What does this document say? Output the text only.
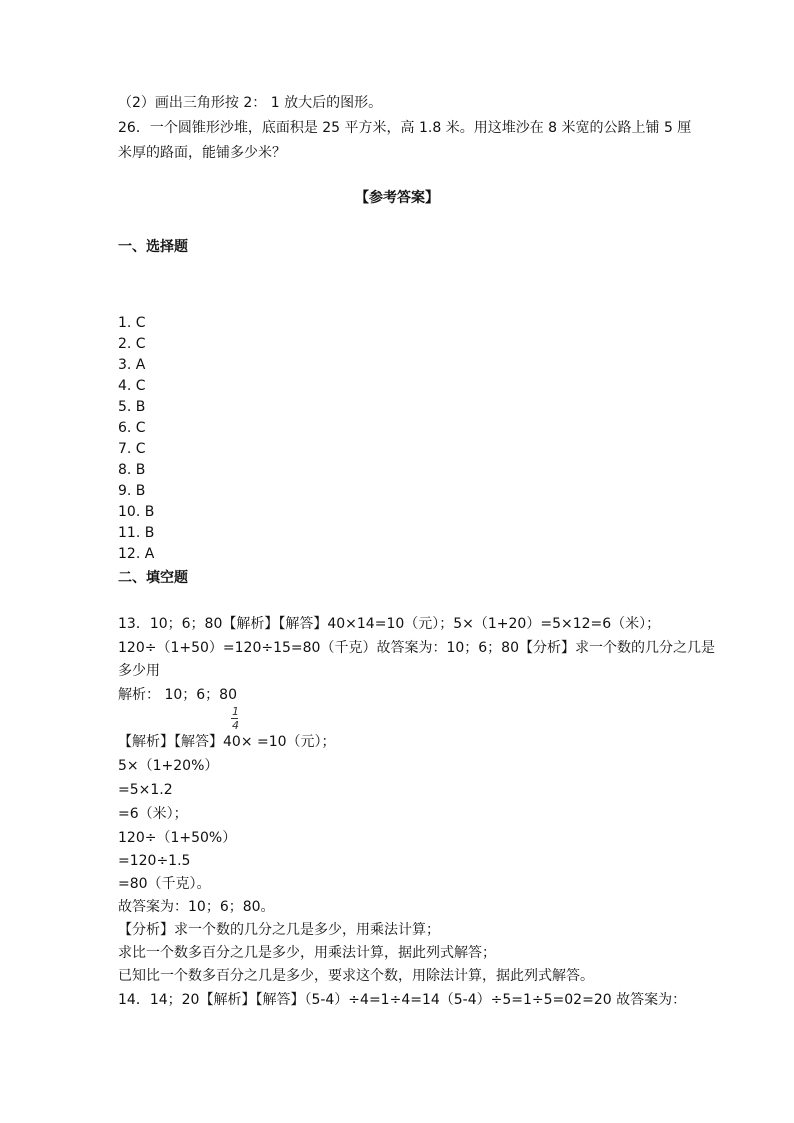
（2）画出三角形按 2： 1 放大后的图形。
26．一个圆锥形沙堆，底面积是 25 平方米，高 1.8 米。用这堆沙在 8 米宽的公路上铺 5 厘
米厚的路面，能铺多少米？
【参考答案】
一、选择题
1. C
2. C
3. A
4. C
5. B
6. C
7. C
8. B
9. B
10. B
11. B
12. A
二、填空题
13．10；6；80【解析】【解答】40×14=10（元）；5×（1+20）=5×12=6（米）；
120÷（1+50）=120÷15=80（千克）故答案为：10；6；80【分析】求一个数的几分之几是
多少用
解析： 10；6；80
【解析】【解答】40× =10（元）；
5×（1+20%）
=5×1.2
=6（米）；
120÷（1+50%）
=120÷1.5
=80（千克）。
故答案为：10；6；80。
【分析】求一个数的几分之几是多少，用乘法计算；
求比一个数多百分之几是多少，用乘法计算，据此列式解答；
已知比一个数多百分之几是多少，要求这个数，用除法计算，据此列式解答。
14．14；20【解析】【解答】（5-4）÷4=1÷4=14（5-4）÷5=1÷5=02=20 故答案为：
1
4
